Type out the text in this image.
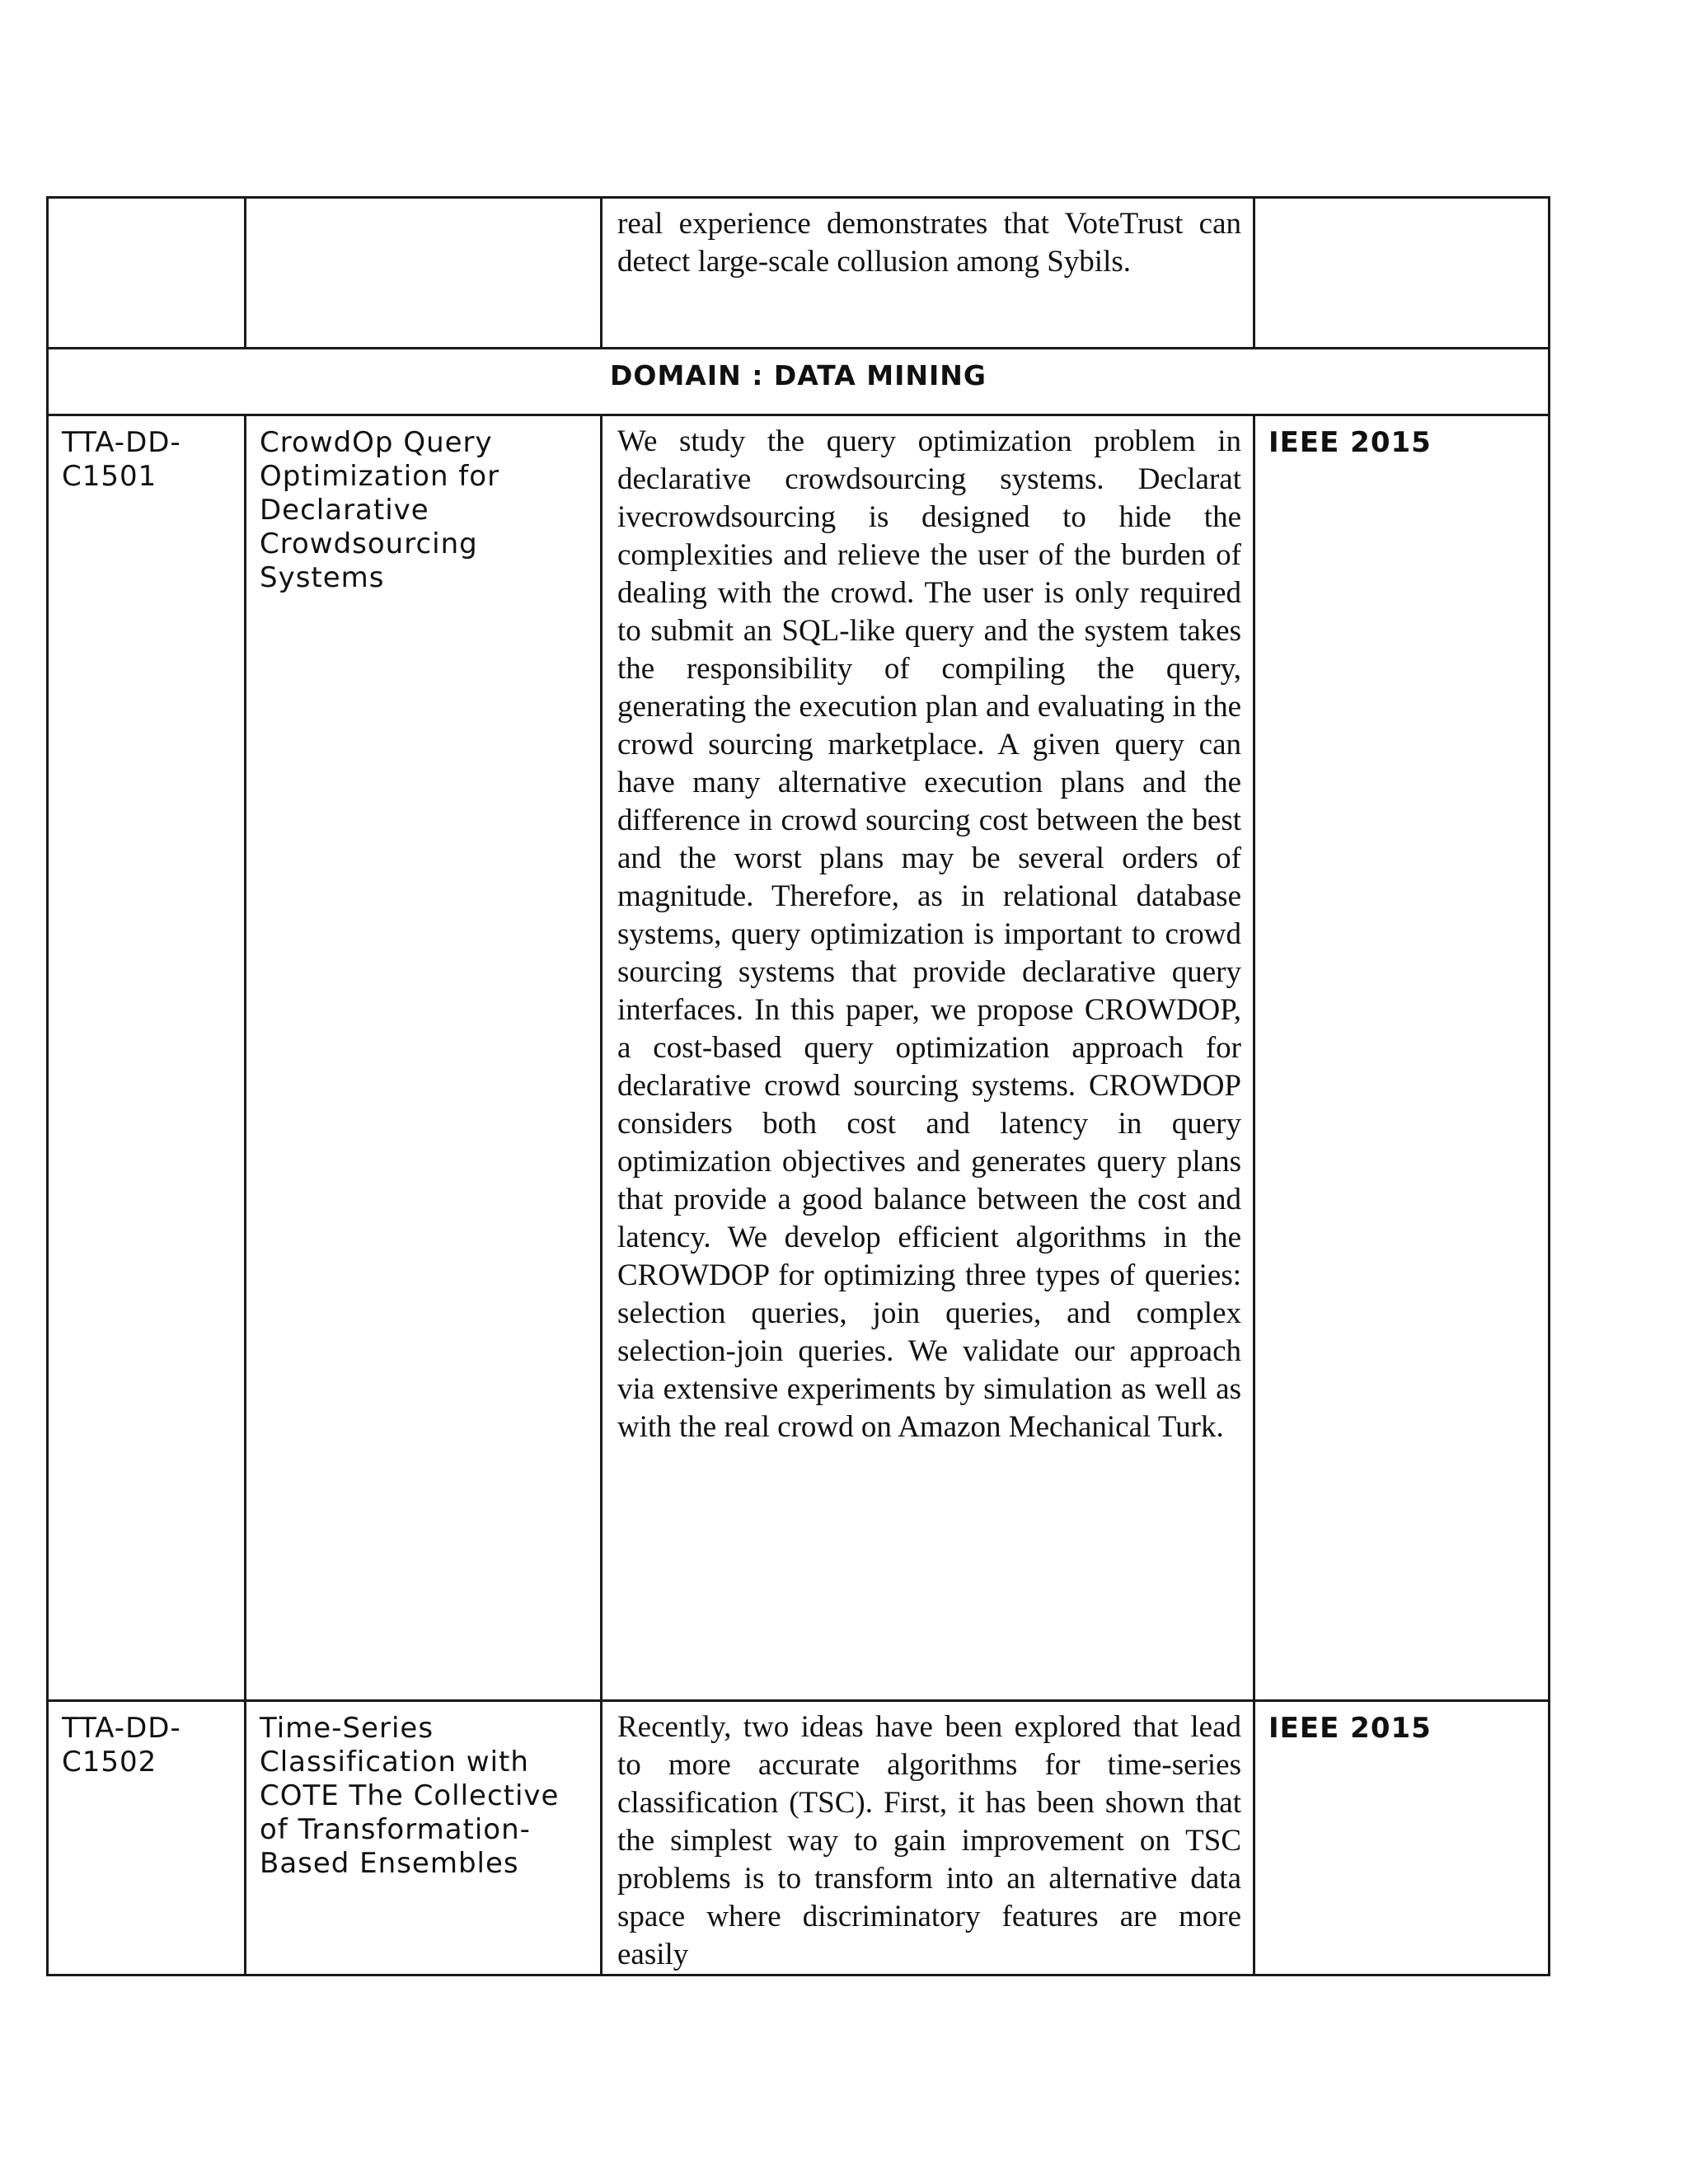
		real experience demonstrates that VoteTrust can detect large-scale collusion among Sybils.	
DOMAIN : DATA MINING			
TTA-DD-C1501	CrowdOp Query Optimization for Declarative Crowdsourcing Systems	We study the query optimization problem in declarative crowdsourcing systems. Declarat ivecrowdsourcing is designed to hide the complexities and relieve the user of the burden of dealing with the crowd. The user is only required to submit an SQL-like query and the system takes the responsibility of compiling the query, generating the execution plan and evaluating in the crowd sourcing marketplace. A given query can have many alternative execution plans and the difference in crowd sourcing cost between the best and the worst plans may be several orders of magnitude. Therefore, as in relational database systems, query optimization is important to crowd sourcing systems that provide declarative query interfaces. In this paper, we propose CROWDOP, a cost-based query optimization approach for declarative crowd sourcing systems. CROWDOP considers both cost and latency in query optimization objectives and generates query plans that provide a good balance between the cost and latency. We develop efficient algorithms in the CROWDOP for optimizing three types of queries: selection queries, join queries, and complex selection-join queries. We validate our approach via extensive experiments by simulation as well as with the real crowd on Amazon Mechanical Turk.	IEEE 2015
TTA-DD-C1502	Time-Series Classification with COTE The Collective of Transformation-Based Ensembles	Recently, two ideas have been explored that lead to more accurate algorithms for time-series classification (TSC). First, it has been shown that the simplest way to gain improvement on TSC problems is to transform into an alternative data space where discriminatory features are more easily	IEEE 2015
